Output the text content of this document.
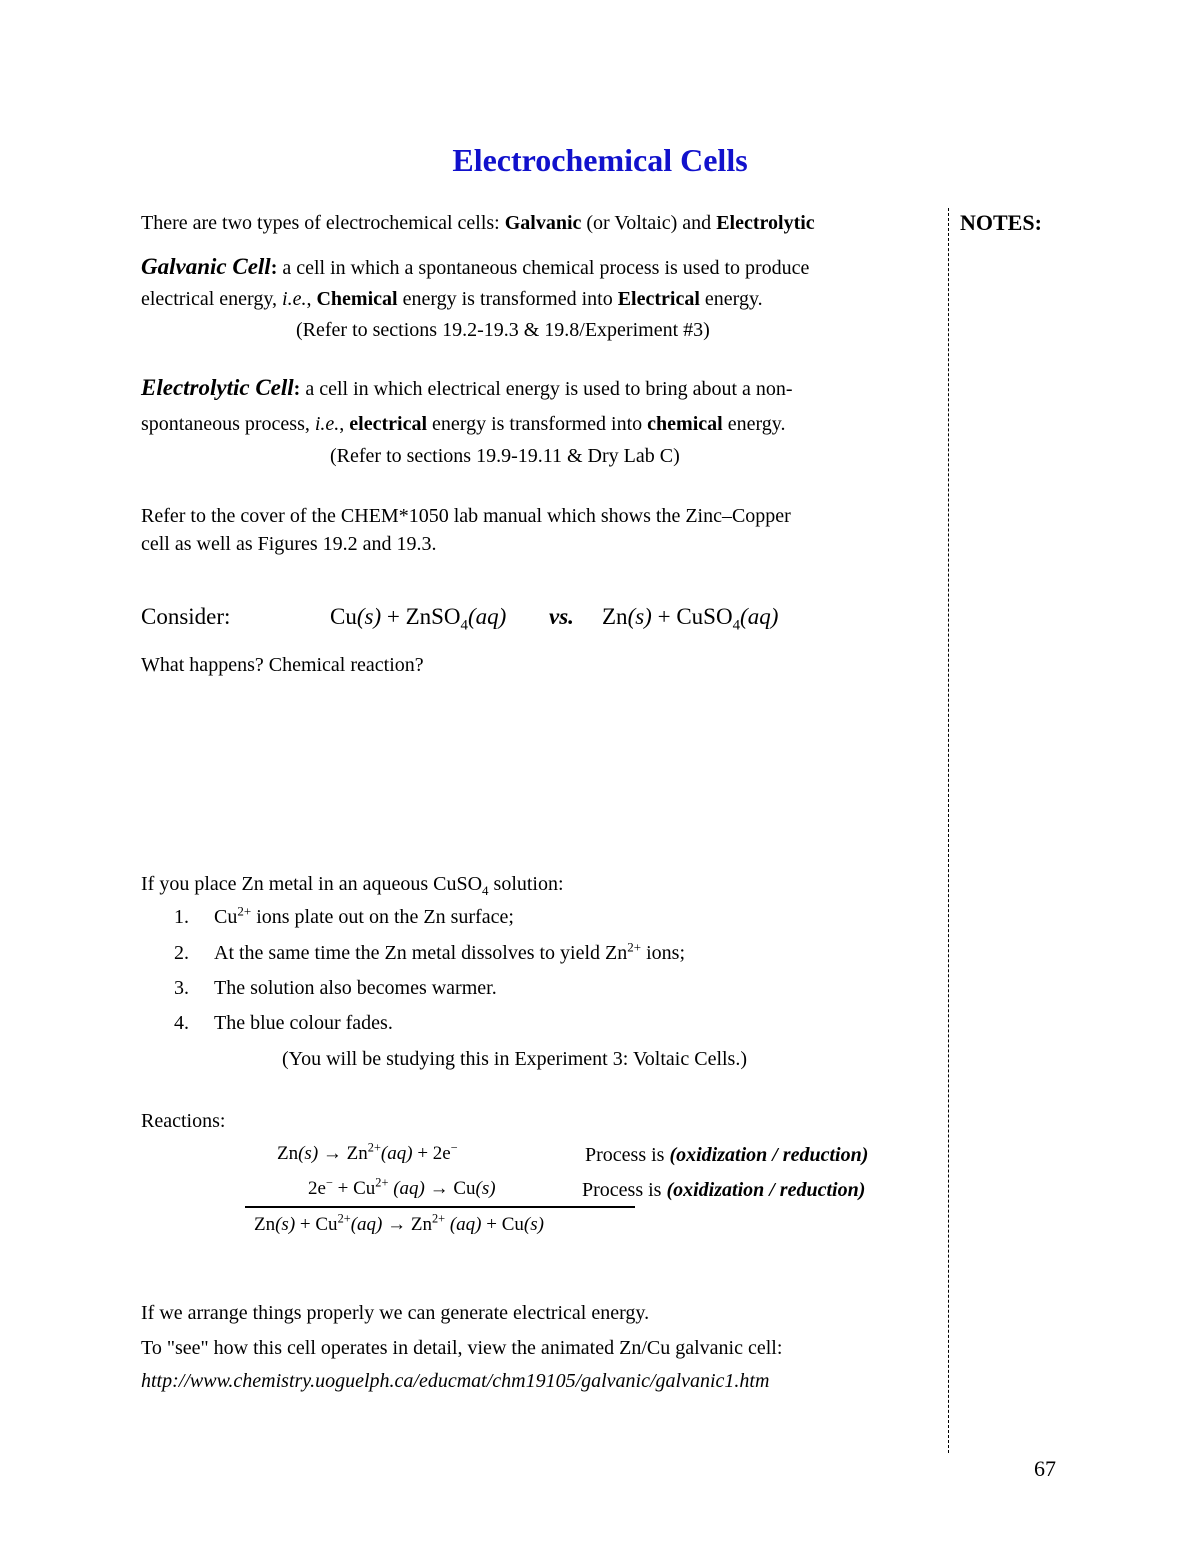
Electrochemical Cells
NOTES:
There are two types of electrochemical cells: Galvanic (or Voltaic) and Electrolytic
Galvanic Cell: a cell in which a spontaneous chemical process is used to produce
electrical energy, i.e., Chemical energy is transformed into Electrical energy.
(Refer to sections 19.2-19.3 & 19.8/Experiment #3)
Electrolytic Cell: a cell in which electrical energy is used to bring about a non-
spontaneous process, i.e., electrical energy is transformed into chemical energy.
(Refer to sections 19.9-19.11 & Dry Lab C)
Refer to the cover of the CHEM*1050 lab manual which shows the Zinc–Copper
cell as well as Figures 19.2 and 19.3.
Consider:	Cu(s) + ZnSO$_4$(aq) vs. Zn(s) + CuSO$_4$(aq)
What happens? Chemical reaction?
If you place Zn metal in an aqueous CuSO$_4$ solution:
1. $Cu^{2+}$ ions plate out on the Zn surface;
2. At the same time the Zn metal dissolves to yield $Zn^{2+}$ ions;
3. The solution also becomes warmer.
4. The blue colour fades.
(You will be studying this in Experiment 3: Voltaic Cells.)
Reactions:
$Zn(s) \to Zn^{2+}(aq) + 2e^-$	Process is (oxidization / reduction)
$2e^- + Cu^{2+}$ (aq) → Cu(s)	Process is (oxidization / reduction)
$Zn(s) + Cu^{2+}(aq) \to Zn^{2+}$ (aq) + Cu(s)
If we arrange things properly we can generate electrical energy.
To "see" how this cell operates in detail, view the animated Zn/Cu galvanic cell:
http://www.chemistry.uoguelph.ca/educmat/chm19105/galvanic/galvanic1.htm
67
